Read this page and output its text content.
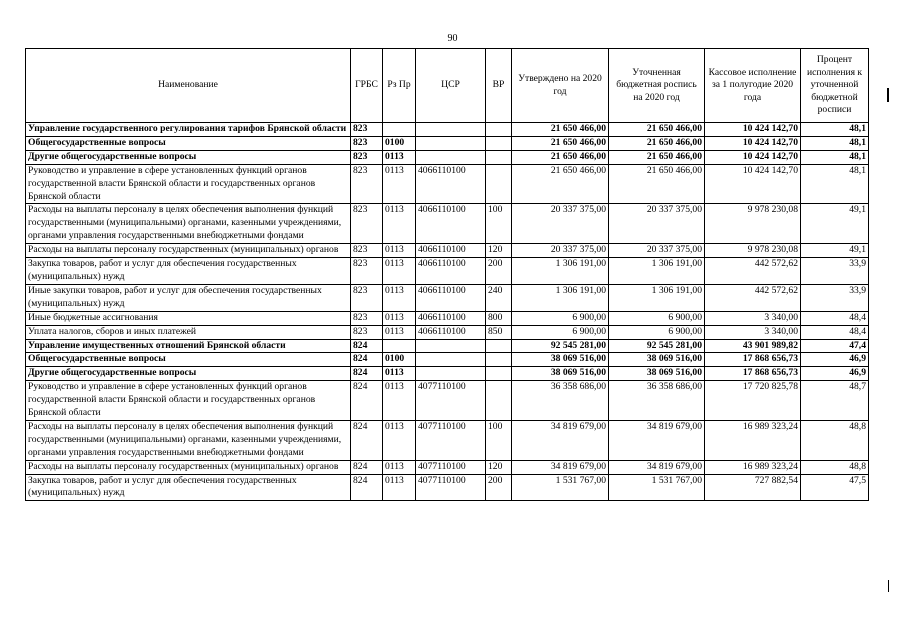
90
Наименование	ГРБС	Рз Пр	ЦСР	ВР	Утверждено на 2020 год	Уточненная бюджетная роспись на 2020 год	Кассовое исполнение за 1 полугодие 2020 года	Процент исполнения к уточненной бюджетной росписи
Управление государственного регулирования тарифов Брянской области	823				21 650 466,00	21 650 466,00	10 424 142,70	48,1
Общегосударственные вопросы	823	0100			21 650 466,00	21 650 466,00	10 424 142,70	48,1
Другие общегосударственные вопросы	823	0113			21 650 466,00	21 650 466,00	10 424 142,70	48,1
Руководство и управление в сфере установленных функций органов государственной власти Брянской области и государственных органов Брянской области	823	0113	4066110100		21 650 466,00	21 650 466,00	10 424 142,70	48,1
Расходы на выплаты персоналу в целях обеспечения выполнения функций государственными (муниципальными) органами, казенными учреждениями, органами управления государственными внебюджетными фондами	823	0113	4066110100	100	20 337 375,00	20 337 375,00	9 978 230,08	49,1
Расходы на выплаты персоналу государственных (муниципальных) органов	823	0113	4066110100	120	20 337 375,00	20 337 375,00	9 978 230,08	49,1
Закупка товаров, работ и услуг для обеспечения государственных (муниципальных) нужд	823	0113	4066110100	200	1 306 191,00	1 306 191,00	442 572,62	33,9
Иные закупки товаров, работ и услуг для обеспечения государственных (муниципальных) нужд	823	0113	4066110100	240	1 306 191,00	1 306 191,00	442 572,62	33,9
Иные бюджетные ассигнования	823	0113	4066110100	800	6 900,00	6 900,00	3 340,00	48,4
Уплата налогов, сборов и иных платежей	823	0113	4066110100	850	6 900,00	6 900,00	3 340,00	48,4
Управление имущественных отношений Брянской области	824				92 545 281,00	92 545 281,00	43 901 989,82	47,4
Общегосударственные вопросы	824	0100			38 069 516,00	38 069 516,00	17 868 656,73	46,9
Другие общегосударственные вопросы	824	0113			38 069 516,00	38 069 516,00	17 868 656,73	46,9
Руководство и управление в сфере установленных функций органов государственной власти Брянской области и государственных органов Брянской области	824	0113	4077110100		36 358 686,00	36 358 686,00	17 720 825,78	48,7
Расходы на выплаты персоналу в целях обеспечения выполнения функций государственными (муниципальными) органами, казенными учреждениями, органами управления государственными внебюджетными фондами	824	0113	4077110100	100	34 819 679,00	34 819 679,00	16 989 323,24	48,8
Расходы на выплаты персоналу государственных (муниципальных) органов	824	0113	4077110100	120	34 819 679,00	34 819 679,00	16 989 323,24	48,8
Закупка товаров, работ и услуг для обеспечения государственных (муниципальных) нужд	824	0113	4077110100	200	1 531 767,00	1 531 767,00	727 882,54	47,5
